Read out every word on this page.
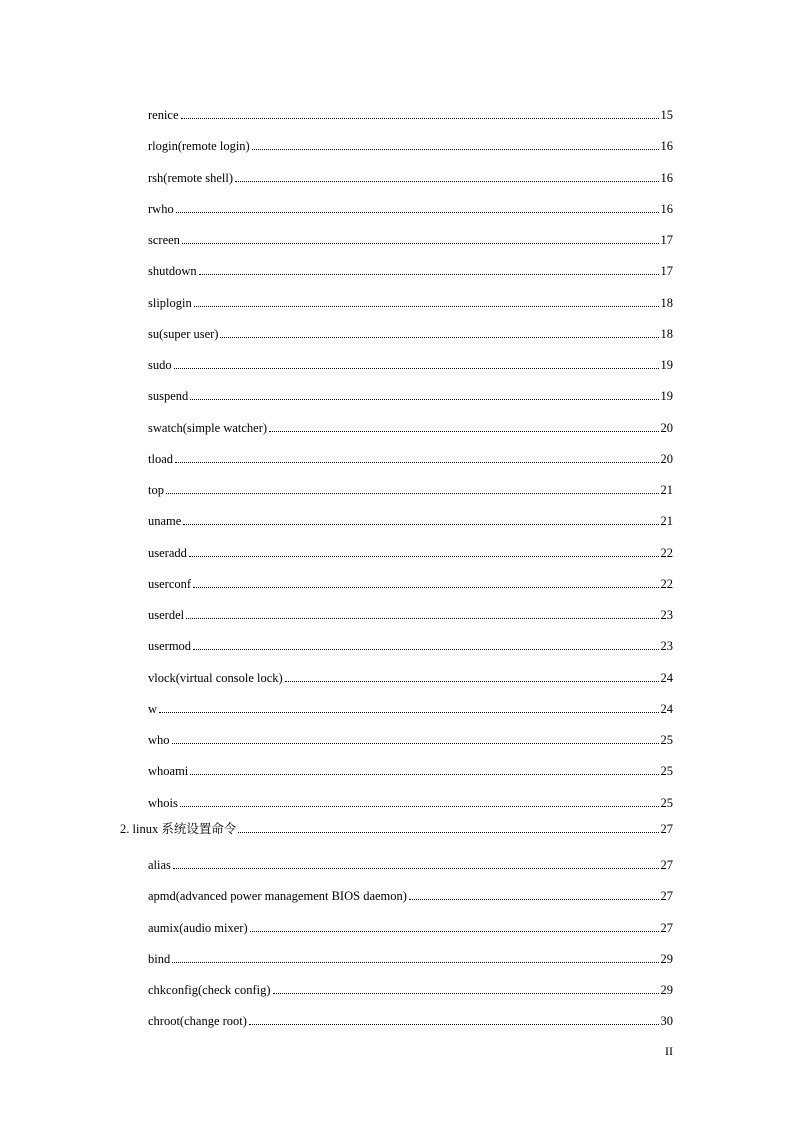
renice	15
rlogin(remote login)	16
rsh(remote shell)	16
rwho	16
screen	17
shutdown	17
sliplogin	18
su(super user)	18
sudo	19
suspend	19
swatch(simple watcher)	20
tload	20
top	21
uname	21
useradd	22
userconf	22
userdel	23
usermod	23
vlock(virtual console lock)	24
w	24
who	25
whoami	25
whois	25
2. linux 系统设置命令	27
alias	27
apmd(advanced power management BIOS daemon)	27
aumix(audio mixer)	27
bind	29
chkconfig(check config)	29
chroot(change root)	30
II
